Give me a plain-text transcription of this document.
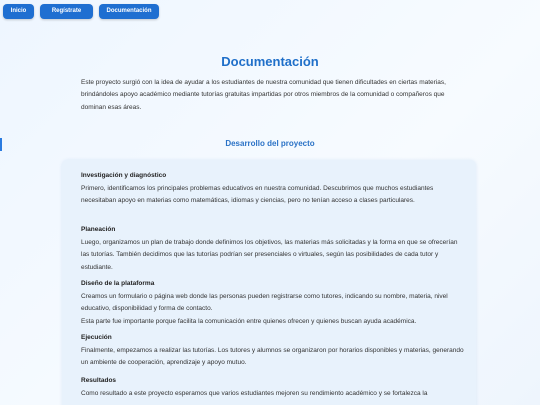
Inicio	Regístrate	Documentación
Documentación

Este proyecto surgió con la idea de ayudar a los estudiantes de nuestra comunidad que tienen dificultades en ciertas materias, brindándoles apoyo académico mediante tutorías gratuitas impartidas por otros miembros de la comunidad o compañeros que dominan esas áreas.

Desarrollo del proyecto

Investigación y diagnóstico

Primero, identificamos los principales problemas educativos en nuestra comunidad. Descubrimos que muchos estudiantes necesitaban apoyo en materias como matemáticas, idiomas y ciencias, pero no tenían acceso a clases particulares.

Planeación

Luego, organizamos un plan de trabajo donde definimos los objetivos, las materias más solicitadas y la forma en que se ofrecerían las tutorías. También decidimos que las tutorías podrían ser presenciales o virtuales, según las posibilidades de cada tutor y estudiante.

Diseño de la plataforma

Creamos un formulario o página web donde las personas pueden registrarse como tutores, indicando su nombre, materia, nivel educativo, disponibilidad y forma de contacto.
Esta parte fue importante porque facilita la comunicación entre quienes ofrecen y quienes buscan ayuda académica.

Ejecución

Finalmente, empezamos a realizar las tutorías. Los tutores y alumnos se organizaron por horarios disponibles y materias, generando un ambiente de cooperación, aprendizaje y apoyo mutuo.

Resultados

Como resultado a este proyecto esperamos que varios estudiantes mejoren su rendimiento académico y se fortalezca la
